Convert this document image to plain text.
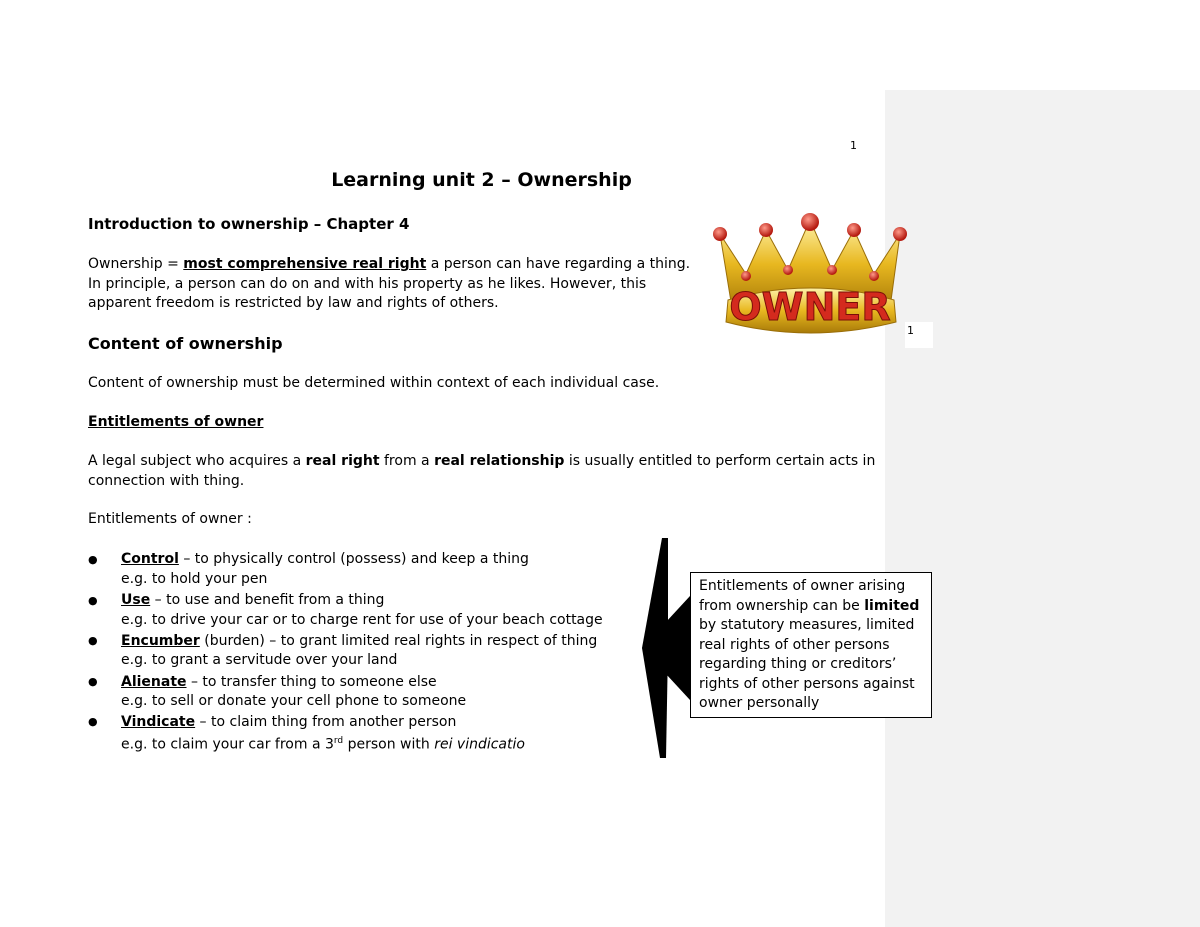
1
Learning unit 2 – Ownership
Introduction to ownership – Chapter 4
Ownership = most comprehensive real right a person can have regarding a thing.
In principle, a person can do on and with his property as he likes. However, this
apparent freedom is restricted by law and rights of others.
Content of ownership
Content of ownership must be determined within context of each individual case.
Entitlements of owner
A legal subject who acquires a real right from a real relationship is usually entitled to perform certain acts in
connection with thing.
Entitlements of owner :
● Control – to physically control (possess) and keep a thing
e.g. to hold your pen
● Use – to use and benefit from a thing
e.g. to drive your car or to charge rent for use of your beach cottage
● Encumber (burden) – to grant limited real rights in respect of thing
e.g. to grant a servitude over your land
● Alienate – to transfer thing to someone else
e.g. to sell or donate your cell phone to someone
● Vindicate – to claim thing from another person
e.g. to claim your car from a 3rd person with rei vindicatio
Entitlements of owner arising
from ownership can be limited
by statutory measures, limited
real rights of other persons
regarding thing or creditors’
rights of other persons against
owner personally
OWNER
1
